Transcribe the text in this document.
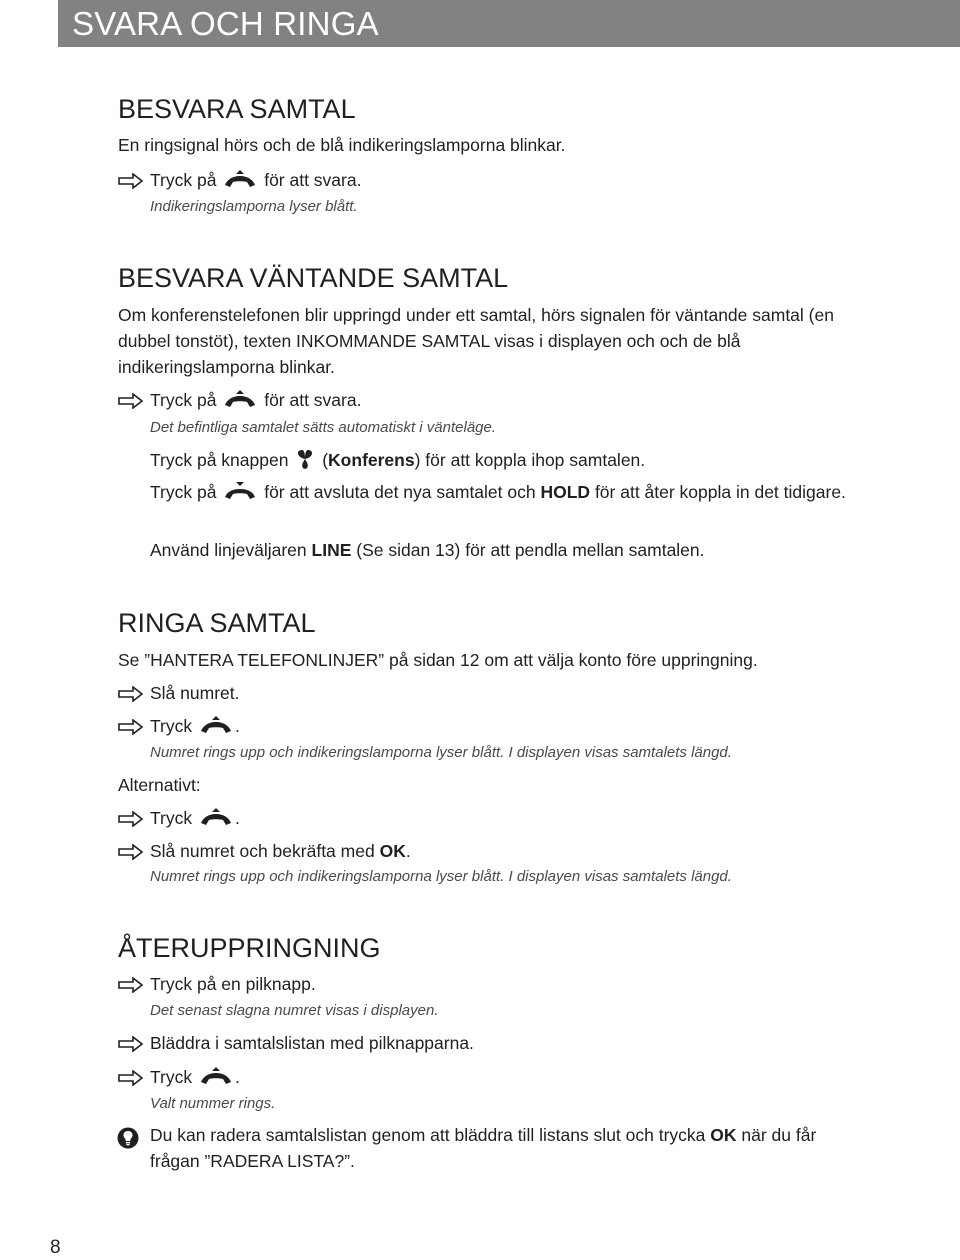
SVARA OCH RINGA
BESVARA SAMTAL

En ringsignal hörs och de blå indikeringslamporna blinkar.

Tryck på	för att svara.
Indikeringslamporna lyser blått.
BESVARA VÄNTANDE SAMTAL

Om konferenstelefonen blir uppringd under ett samtal, hörs signalen för väntande samtal (en dubbel tonstöt), texten INKOMMANDE SAMTAL visas i displayen och och de blå indikeringslamporna blinkar.

Tryck på	för att svara.
Det befintliga samtalet sätts automatiskt i vänteläge.
Tryck på knappen  (Konferens) för att koppla ihop samtalen.
Tryck på	för att avsluta det nya samtalet och HOLD för att åter koppla in det tidigare.
Använd linjeväljaren LINE (Se sidan 13) för att pendla mellan samtalen.
RINGA SAMTAL

Se ”HANTERA TELEFONLINJER” på sidan 12 om att välja konto före uppringning.

Slå numret.
Tryck .
Numret rings upp och indikeringslamporna lyser blått. I displayen visas samtalets längd.
Alternativt:
Tryck .
Slå numret och bekräfta med OK.
Numret rings upp och indikeringslamporna lyser blått. I displayen visas samtalets längd.
ÅTERUPPRINGNING
Tryck på en pilknapp.
Det senast slagna numret visas i displayen.
Bläddra i samtalslistan med pilknapparna.
Tryck .
Valt nummer rings.
Du kan radera samtalslistan genom att bläddra till listans slut och trycka OK när du får frågan ”RADERA LISTA?”.
8
